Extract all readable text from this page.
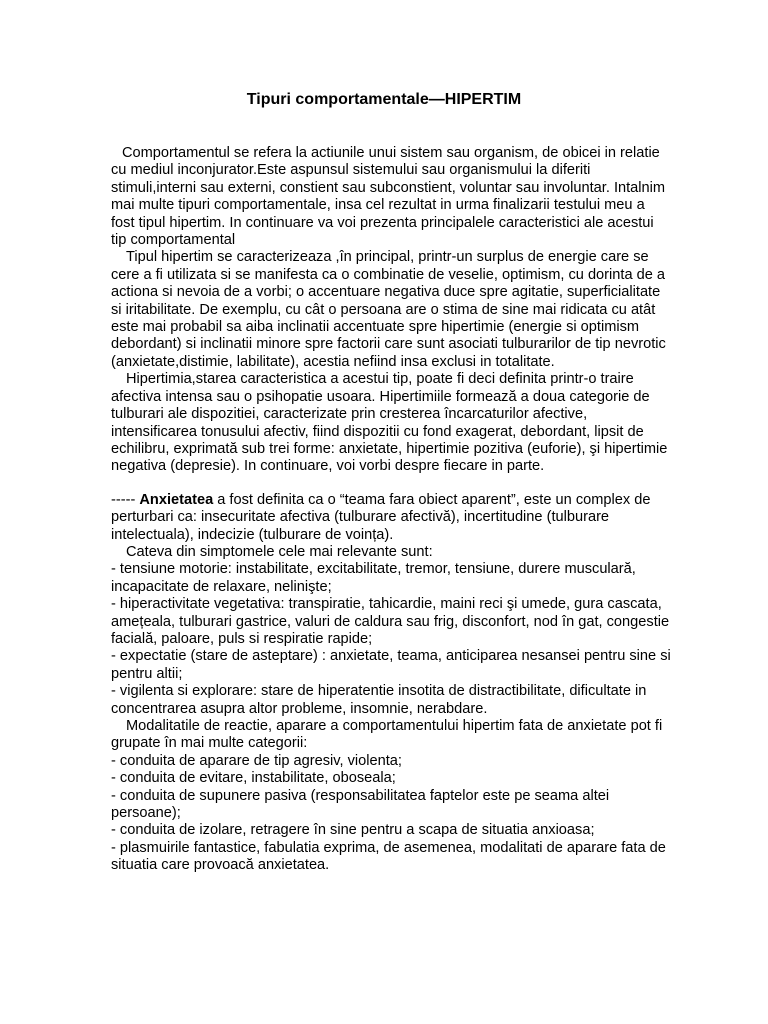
Tipuri comportamentale—HIPERTIM

Comportamentul se refera la actiunile unui sistem sau organism, de obicei in relatie cu mediul inconjurator.Este aspunsul sistemului sau organismului la diferiti stimuli,interni sau externi, constient sau subconstient, voluntar sau involuntar. Intalnim mai multe tipuri comportamentale, insa cel rezultat in urma finalizarii testului meu a fost tipul hipertim. In continuare va voi prezenta principalele caracteristici ale acestui tip comportamental

Tipul hipertim se caracterizeaza ,în principal, printr-un surplus de energie care se cere a fi utilizata si se manifesta ca o combinatie de veselie, optimism, cu dorinta de a actiona si nevoia de a vorbi; o accentuare negativa duce spre agitatie, superficialitate si iritabilitate. De exemplu, cu cât o persoana are o stima de sine mai ridicata cu atât este mai probabil sa aiba inclinatii accentuate spre hipertimie (energie si optimism debordant) si inclinatii minore spre factorii care sunt asociati tulburarilor de tip nevrotic (anxietate,distimie, labilitate), acestia nefiind insa exclusi in totalitate.

Hipertimia,starea caracteristica a acestui tip, poate fi deci definita printr-o traire afectiva intensa sau o psihopatie usoara. Hipertimiile formează a doua categorie de tulburari ale dispozitiei, caracterizate prin cresterea încarcaturilor afective, intensificarea tonusului afectiv, fiind dispozitii cu fond exagerat, debordant, lipsit de echilibru, exprimată sub trei forme: anxietate, hipertimie pozitiva (euforie), şi hipertimie negativa (depresie). In continuare, voi vorbi despre fiecare in parte.

----- Anxietatea a fost definita ca o “teama fara obiect aparent”, este un complex de perturbari ca: insecuritate afectiva (tulburare afectivă), incertitudine (tulburare intelectuala), indecizie (tulburare de voința).

Cateva din simptomele cele mai relevante sunt:

- tensiune motorie: instabilitate, excitabilitate, tremor, tensiune, durere musculară, incapacitate de relaxare, nelinişte;

- hiperactivitate vegetativa: transpiratie, tahicardie, maini reci şi umede, gura cascata, amețeala, tulburari gastrice, valuri de caldura sau frig, disconfort, nod în gat, congestie facială, paloare, puls si respiratie rapide;

- expectatie (stare de asteptare) : anxietate, teama, anticiparea nesansei pentru sine si pentru altii;

- vigilenta si explorare: stare de hiperatentie insotita de distractibilitate, dificultate in concentrarea asupra altor probleme, insomnie, nerabdare.

Modalitatile de reactie, aparare a comportamentului hipertim fata de anxietate pot fi grupate în mai multe categorii:

- conduita de aparare de tip agresiv, violenta;

- conduita de evitare, instabilitate, oboseala;

- conduita de supunere pasiva (responsabilitatea faptelor este pe seama altei persoane);

- conduita de izolare, retragere în sine pentru a scapa de situatia anxioasa;

- plasmuirile fantastice, fabulatia exprima, de asemenea, modalitati de aparare fata de situatia care provoacă anxietatea.
